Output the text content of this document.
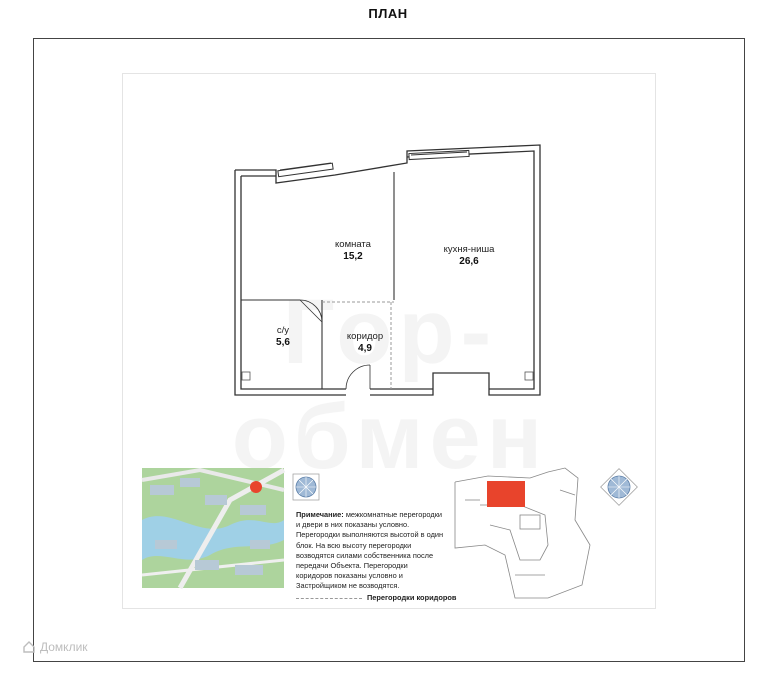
ПЛАН
комната
15,2
кухня-ниша
26,6
с/у
5,6
коридор
4,9
Примечание: межкомнатные перегородки и двери в них показаны условно. Перегородки выполняются высотой в один блок. На всю высоту перегородки возводятся силами собственника после передачи Объекта. Перегородки коридоров показаны условно и Застройщиком не возводятся.
Перегородки коридоров
Домклик
